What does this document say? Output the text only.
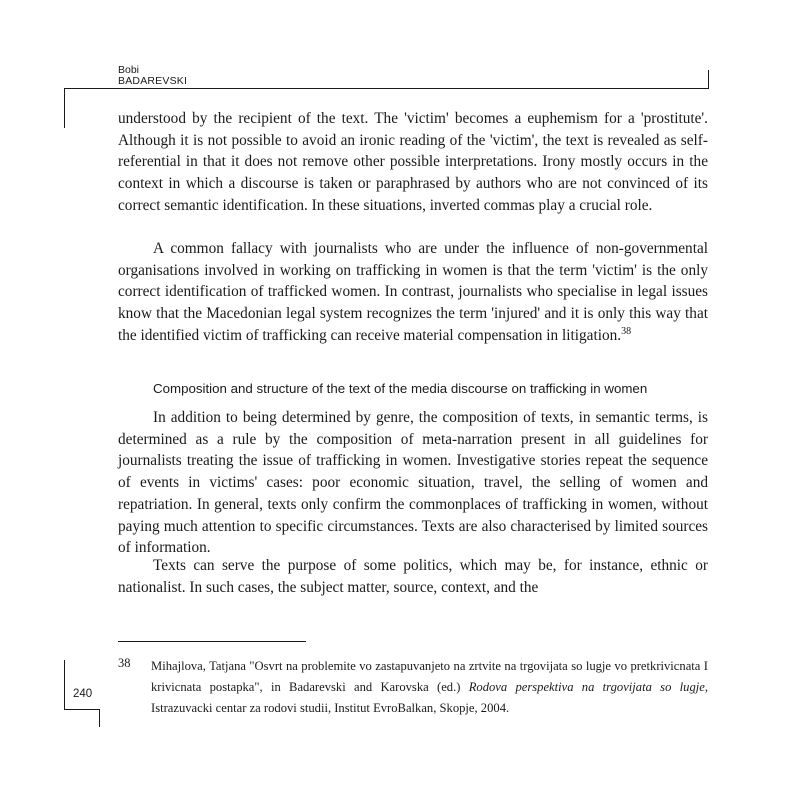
Bobi

BADAREVSKI

understood by the recipient of the text. The 'victim' becomes a euphemism for a 'prostitute'. Although it is not possible to avoid an ironic reading of the 'victim', the text is revealed as self-referential in that it does not remove other possible interpretations. Irony mostly occurs in the context in which a discourse is taken or paraphrased by authors who are not convinced of its correct semantic identification. In these situations, inverted commas play a crucial role.

A common fallacy with journalists who are under the influence of non-governmental organisations involved in working on trafficking in women is that the term 'victim' is the only correct identification of trafficked women. In contrast, journalists who specialise in legal issues know that the Macedonian legal system recognizes the term 'injured' and it is only this way that the identified victim of trafficking can receive material compensation in litigation.$^{38}$

Composition and structure of the text of the media discourse on trafficking in women

In addition to being determined by genre, the composition of texts, in semantic terms, is determined as a rule by the composition of meta-narration present in all guidelines for journalists treating the issue of trafficking in women. Investigative stories repeat the sequence of events in victims' cases: poor economic situation, travel, the selling of women and repatriation. In general, texts only confirm the commonplaces of trafficking in women, without paying much attention to specific circumstances. Texts are also characterised by limited sources of information.

Texts can serve the purpose of some politics, which may be, for instance, ethnic or nationalist. In such cases, the subject matter, source, context, and the

38 Mihajlova, Tatjana "Osvrt na problemite vo zastapuvanjeto na zrtvite na trgovijata so lugje vo pretkrivicnata I krivicnata postapka", in Badarevski and Karovska (ed.) Rodova perspektiva na trgovijata so lugje, Istrazuvacki centar za rodovi studii, Institut EvroBalkan, Skopje, 2004.

240
